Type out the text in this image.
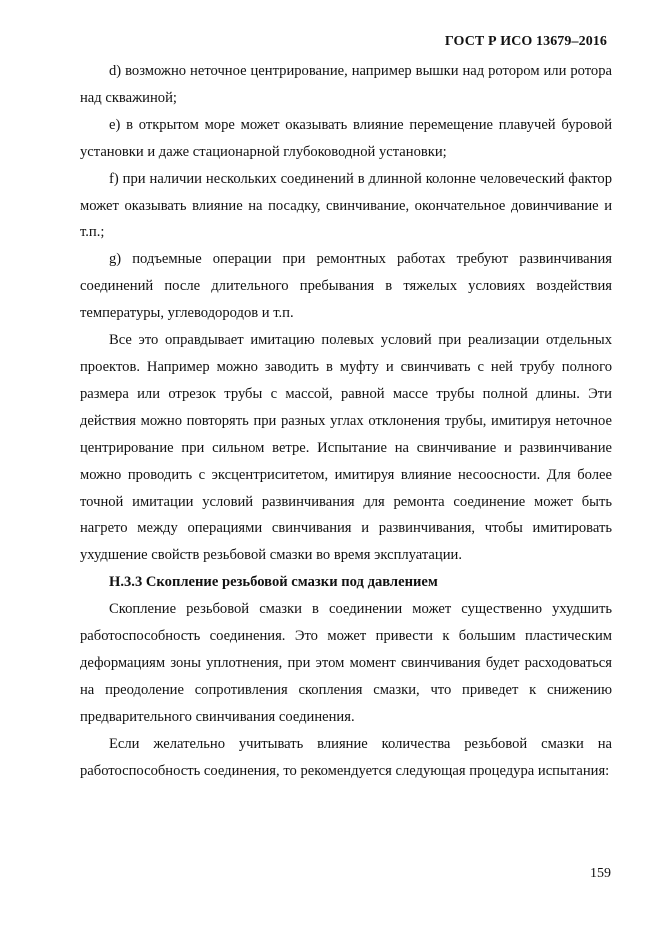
ГОСТ Р ИСО 13679–2016

d) возможно неточное центрирование, например вышки над ротором или ротора над скважиной;

е) в открытом море может оказывать влияние перемещение плавучей буровой установки и даже стационарной глубоководной установки;

f) при наличии нескольких соединений в длинной колонне человеческий фактор может оказывать влияние на посадку, свинчивание, окончательное довинчивание и т.п.;

g) подъемные операции при ремонтных работах требуют развинчивания соединений после длительного пребывания в тяжелых условиях воздействия температуры, углеводородов и т.п.

Все это оправдывает имитацию полевых условий при реализации отдельных проектов. Например можно заводить в муфту и свинчивать с ней трубу полного размера или отрезок трубы с массой, равной массе трубы полной длины. Эти действия можно повторять при разных углах отклонения трубы, имитируя неточное центрирование при сильном ветре. Испытание на свинчивание и развинчивание можно проводить с эксцентриситетом, имитируя влияние несоосности. Для более точной имитации условий развинчивания для ремонта соединение может быть нагрето между операциями свинчивания и развинчивания, чтобы имитировать ухудшение свойств резьбовой смазки во время эксплуатации.

Н.3.3 Скопление резьбовой смазки под давлением

Скопление резьбовой смазки в соединении может существенно ухудшить работоспособность соединения. Это может привести к большим пластическим деформациям зоны уплотнения, при этом момент свинчивания будет расходоваться на преодоление сопротивления скопления смазки, что приведет к снижению предварительного свинчивания соединения.

Если желательно учитывать влияние количества резьбовой смазки на работоспособность соединения, то рекомендуется следующая процедура испытания:

159
